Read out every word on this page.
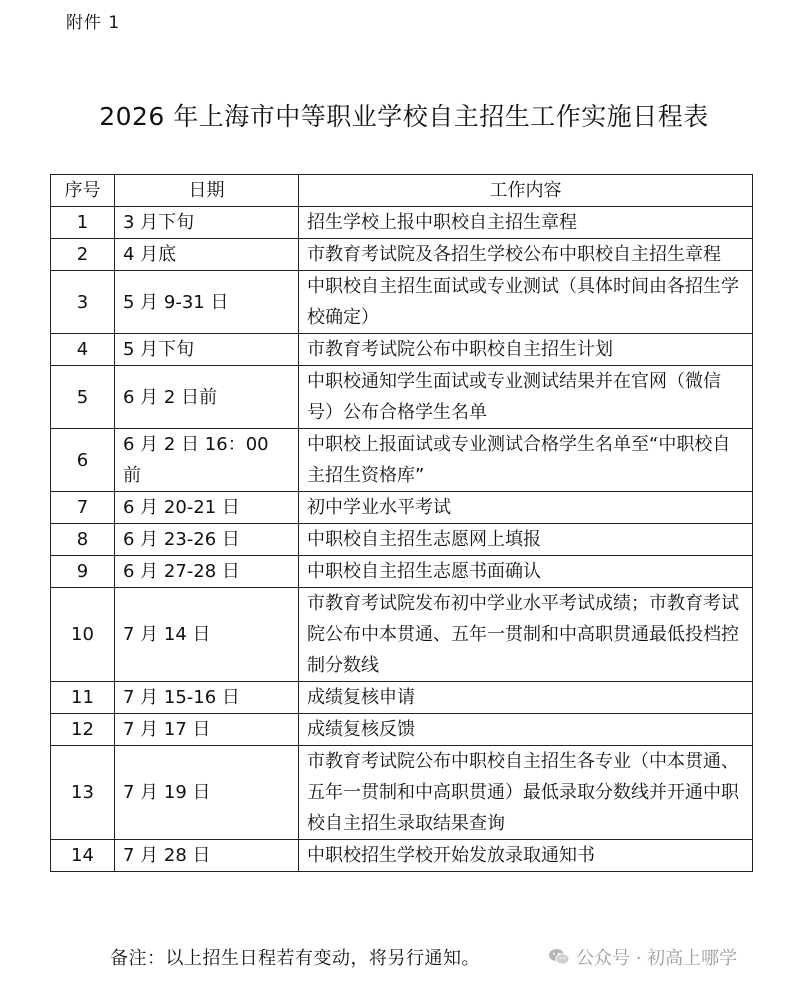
附件 1
2026 年上海市中等职业学校自主招生工作实施日程表
序号	日期	工作内容
1	3 月下旬	招生学校上报中职校自主招生章程
2	4 月底	市教育考试院及各招生学校公布中职校自主招生章程
3	5 月 9-31 日	中职校自主招生面试或专业测试（具体时间由各招生学校确定）
4	5 月下旬	市教育考试院公布中职校自主招生计划
5	6 月 2 日前	中职校通知学生面试或专业测试结果并在官网（微信号）公布合格学生名单
6	6 月 2 日 16：00 前	中职校上报面试或专业测试合格学生名单至“中职校自主招生资格库”
7	6 月 20-21 日	初中学业水平考试
8	6 月 23-26 日	中职校自主招生志愿网上填报
9	6 月 27-28 日	中职校自主招生志愿书面确认
10	7 月 14 日	市教育考试院发布初中学业水平考试成绩；市教育考试院公布中本贯通、五年一贯制和中高职贯通最低投档控制分数线
11	7 月 15-16 日	成绩复核申请
12	7 月 17 日	成绩复核反馈
13	7 月 19 日	市教育考试院公布中职校自主招生各专业（中本贯通、五年一贯制和中高职贯通）最低录取分数线并开通中职校自主招生录取结果查询
14	7 月 28 日	中职校招生学校开始发放录取通知书
备注：以上招生日程若有变动，将另行通知。	公众号 · 初高上哪学
